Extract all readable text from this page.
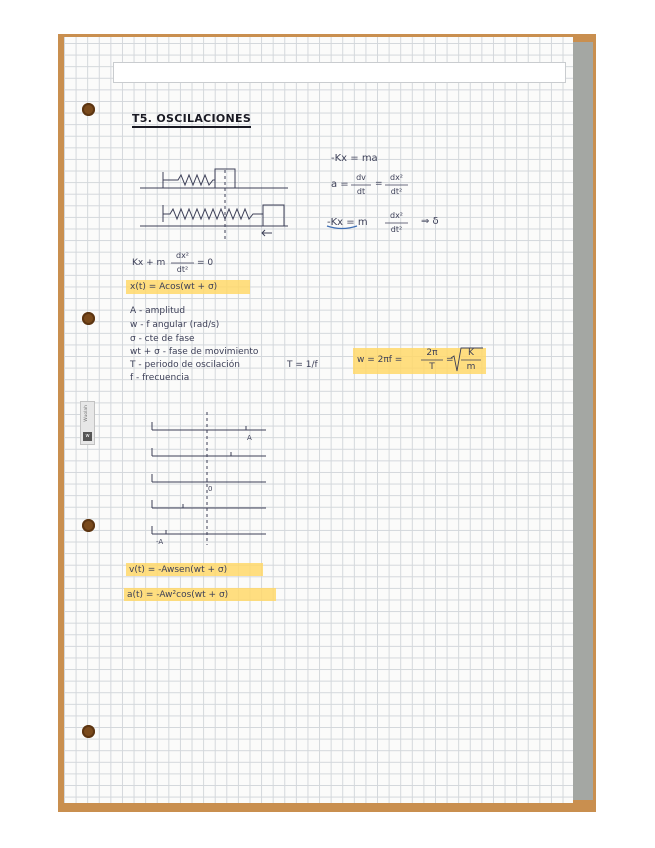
Wuolah
w
T5. OSCILACIONES
-Kx = ma
a =
dv
dt
=
dx²
dt²
-Kx = m
dx²
dt²
⇒ δ
Kx + m
dx²
dt²
= 0
x(t) = Acos(wt + σ)
A - amplitud
w - f angular (rad/s)
σ - cte de fase
wt + σ - fase de movimiento
T - periodo de oscilación
f - frecuencia
T = 1/f	w = 2πf =
2π
T
=
K
m
A
0
-A
v(t) = -Awsen(wt + σ)
a(t) = -Aw²cos(wt + σ)
